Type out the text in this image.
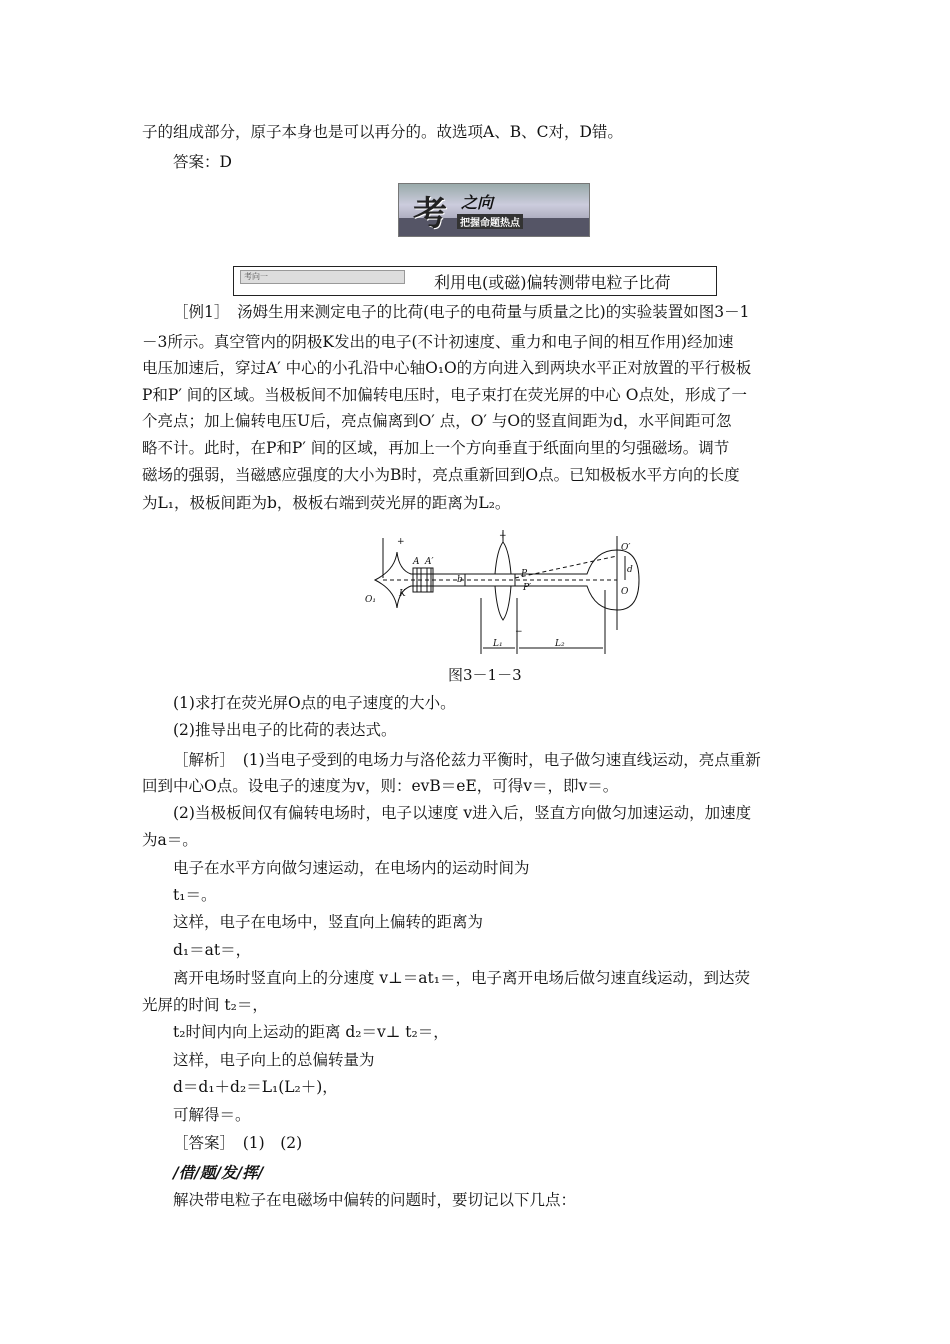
子的组成部分，原子本身也是可以再分的。故选项A、B、C对，D错。
答案：D
考 之向
把握命题热点
考向一	利用电(或磁)偏转测带电粒子比荷
［例1］　汤姆生用来测定电子的比荷(电子的电荷量与质量之比)的实验装置如图3－1
－3所示。真空管内的阴极K发出的电子(不计初速度、重力和电子间的相互作用)经加速
电压加速后，穿过A′ 中心的小孔沿中心轴O₁O的方向进入到两块水平正对放置的平行极板
P和P′ 间的区域。当极板间不加偏转电压时，电子束打在荧光屏的中心 O点处，形成了一
个亮点；加上偏转电压U后，亮点偏离到O′ 点，O′ 与O的竖直间距为d，水平间距可忽
略不计。此时，在P和P′ 间的区域，再加上一个方向垂直于纸面向里的匀强磁场。调节
磁场的强弱，当磁感应强度的大小为B时，亮点重新回到O点。已知极板水平方向的长度
为L₁，极板间距为b，极板右端到荧光屏的距离为L₂。
+
A A′
b
P
P′
O′
d
O
O₁
K
−
L₁	L₂
+
图3－1－3
(1)求打在荧光屏O点的电子速度的大小。
(2)推导出电子的比荷的表达式。
［解析］　(1)当电子受到的电场力与洛伦兹力平衡时，电子做匀速直线运动，亮点重新
回到中心O点。设电子的速度为v，则：evB＝eE，可得v＝，即v＝。
(2)当极板间仅有偏转电场时，电子以速度 v进入后，竖直方向做匀加速运动，加速度
为a＝。
电子在水平方向做匀速运动，在电场内的运动时间为
t₁＝。
这样，电子在电场中，竖直向上偏转的距离为
d₁＝at＝，
离开电场时竖直向上的分速度 v⊥＝at₁＝，电子离开电场后做匀速直线运动，到达荧
光屏的时间 t₂＝，
t₂时间内向上运动的距离 d₂＝v⊥ t₂＝，
这样，电子向上的总偏转量为
d＝d₁＋d₂＝L₁(L₂＋)，
可解得＝。
［答案］　(1)　(2)
/借/题/发/挥/
解决带电粒子在电磁场中偏转的问题时，要切记以下几点：
